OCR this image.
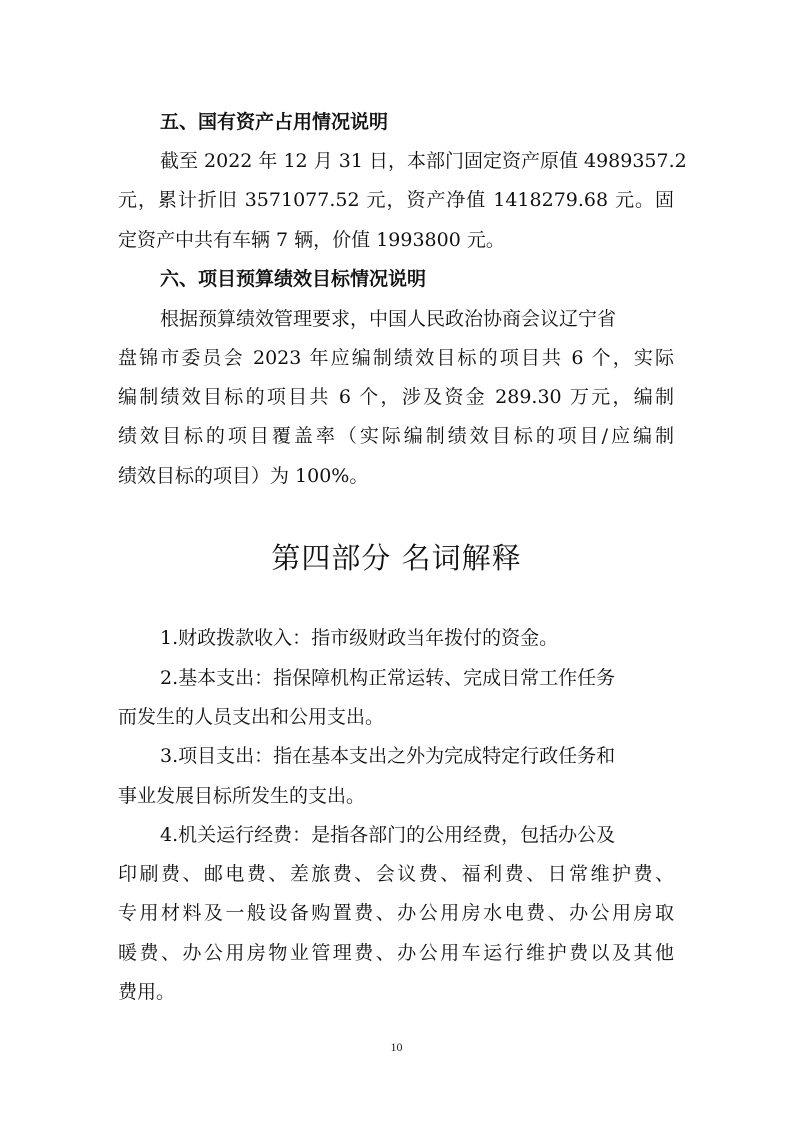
五、国有资产占用情况说明
截至 2022 年 12 月 31 日，本部门固定资产原值 4989357.2
元，累计折旧 3571077.52 元，资产净值 1418279.68 元。固
定资产中共有车辆 7 辆，价值 1993800 元。
六、项目预算绩效目标情况说明
根据预算绩效管理要求，中国人民政治协商会议辽宁省
盘锦市委员会 2023 年应编制绩效目标的项目共 6 个，实际
编制绩效目标的项目共 6 个，涉及资金 289.30 万元，编制
绩效目标的项目覆盖率（实际编制绩效目标的项目/应编制
绩效目标的项目）为 100%。
第四部分 名词解释
1.财政拨款收入：指市级财政当年拨付的资金。
2.基本支出：指保障机构正常运转、完成日常工作任务
而发生的人员支出和公用支出。
3.项目支出：指在基本支出之外为完成特定行政任务和
事业发展目标所发生的支出。
4.机关运行经费：是指各部门的公用经费，包括办公及
印刷费、邮电费、差旅费、会议费、福利费、日常维护费、
专用材料及一般设备购置费、办公用房水电费、办公用房取
暖费、办公用房物业管理费、办公用车运行维护费以及其他
费用。
10
